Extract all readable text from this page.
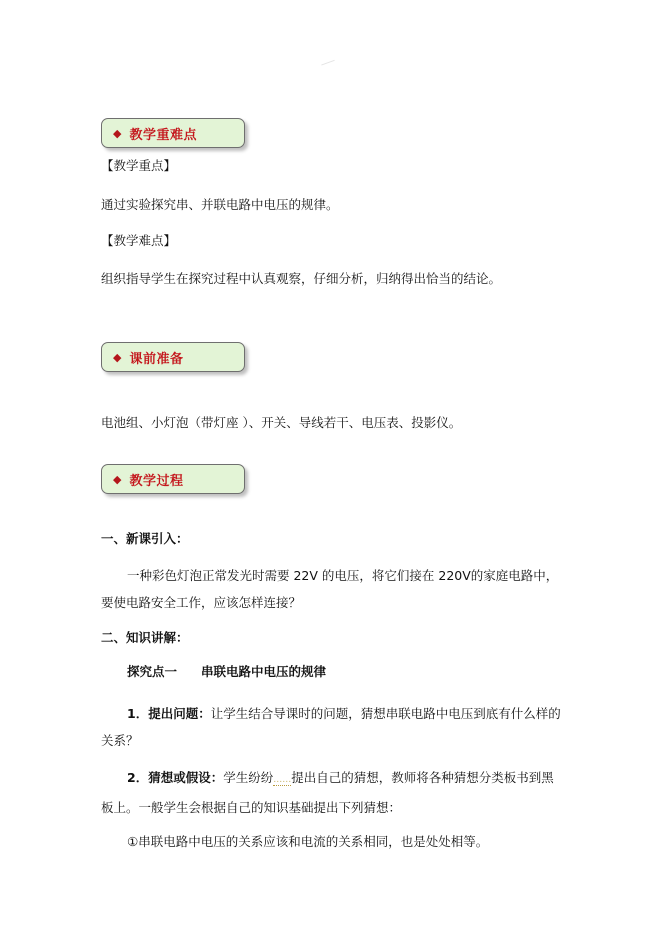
◆ 教学重难点
【教学重点】
通过实验探究串、并联电路中电压的规律。
【教学难点】
组织指导学生在探究过程中认真观察，仔细分析，归纳得出恰当的结论。
◆ 课前准备
电池组、小灯泡（带灯座 ）、开关、导线若干、电压表、投影仪。
◆ 教学过程
一、新课引入：
一种彩色灯泡正常发光时需要 22V 的电压，将它们接在 220V的家庭电路中，要使电路安全工作，应该怎样连接？
二、知识讲解：
探究点一 串联电路中电压的规律
1．提出问题：让学生结合导课时的问题，猜想串联电路中电压到底有什么样的关系？
2．猜想或假设：学生纷纷……提出自己的猜想，教师将各种猜想分类板书到黑板上。一般学生会根据自己的知识基础提出下列猜想：
①串联电路中电压的关系应该和电流的关系相同，也是处处相等。
